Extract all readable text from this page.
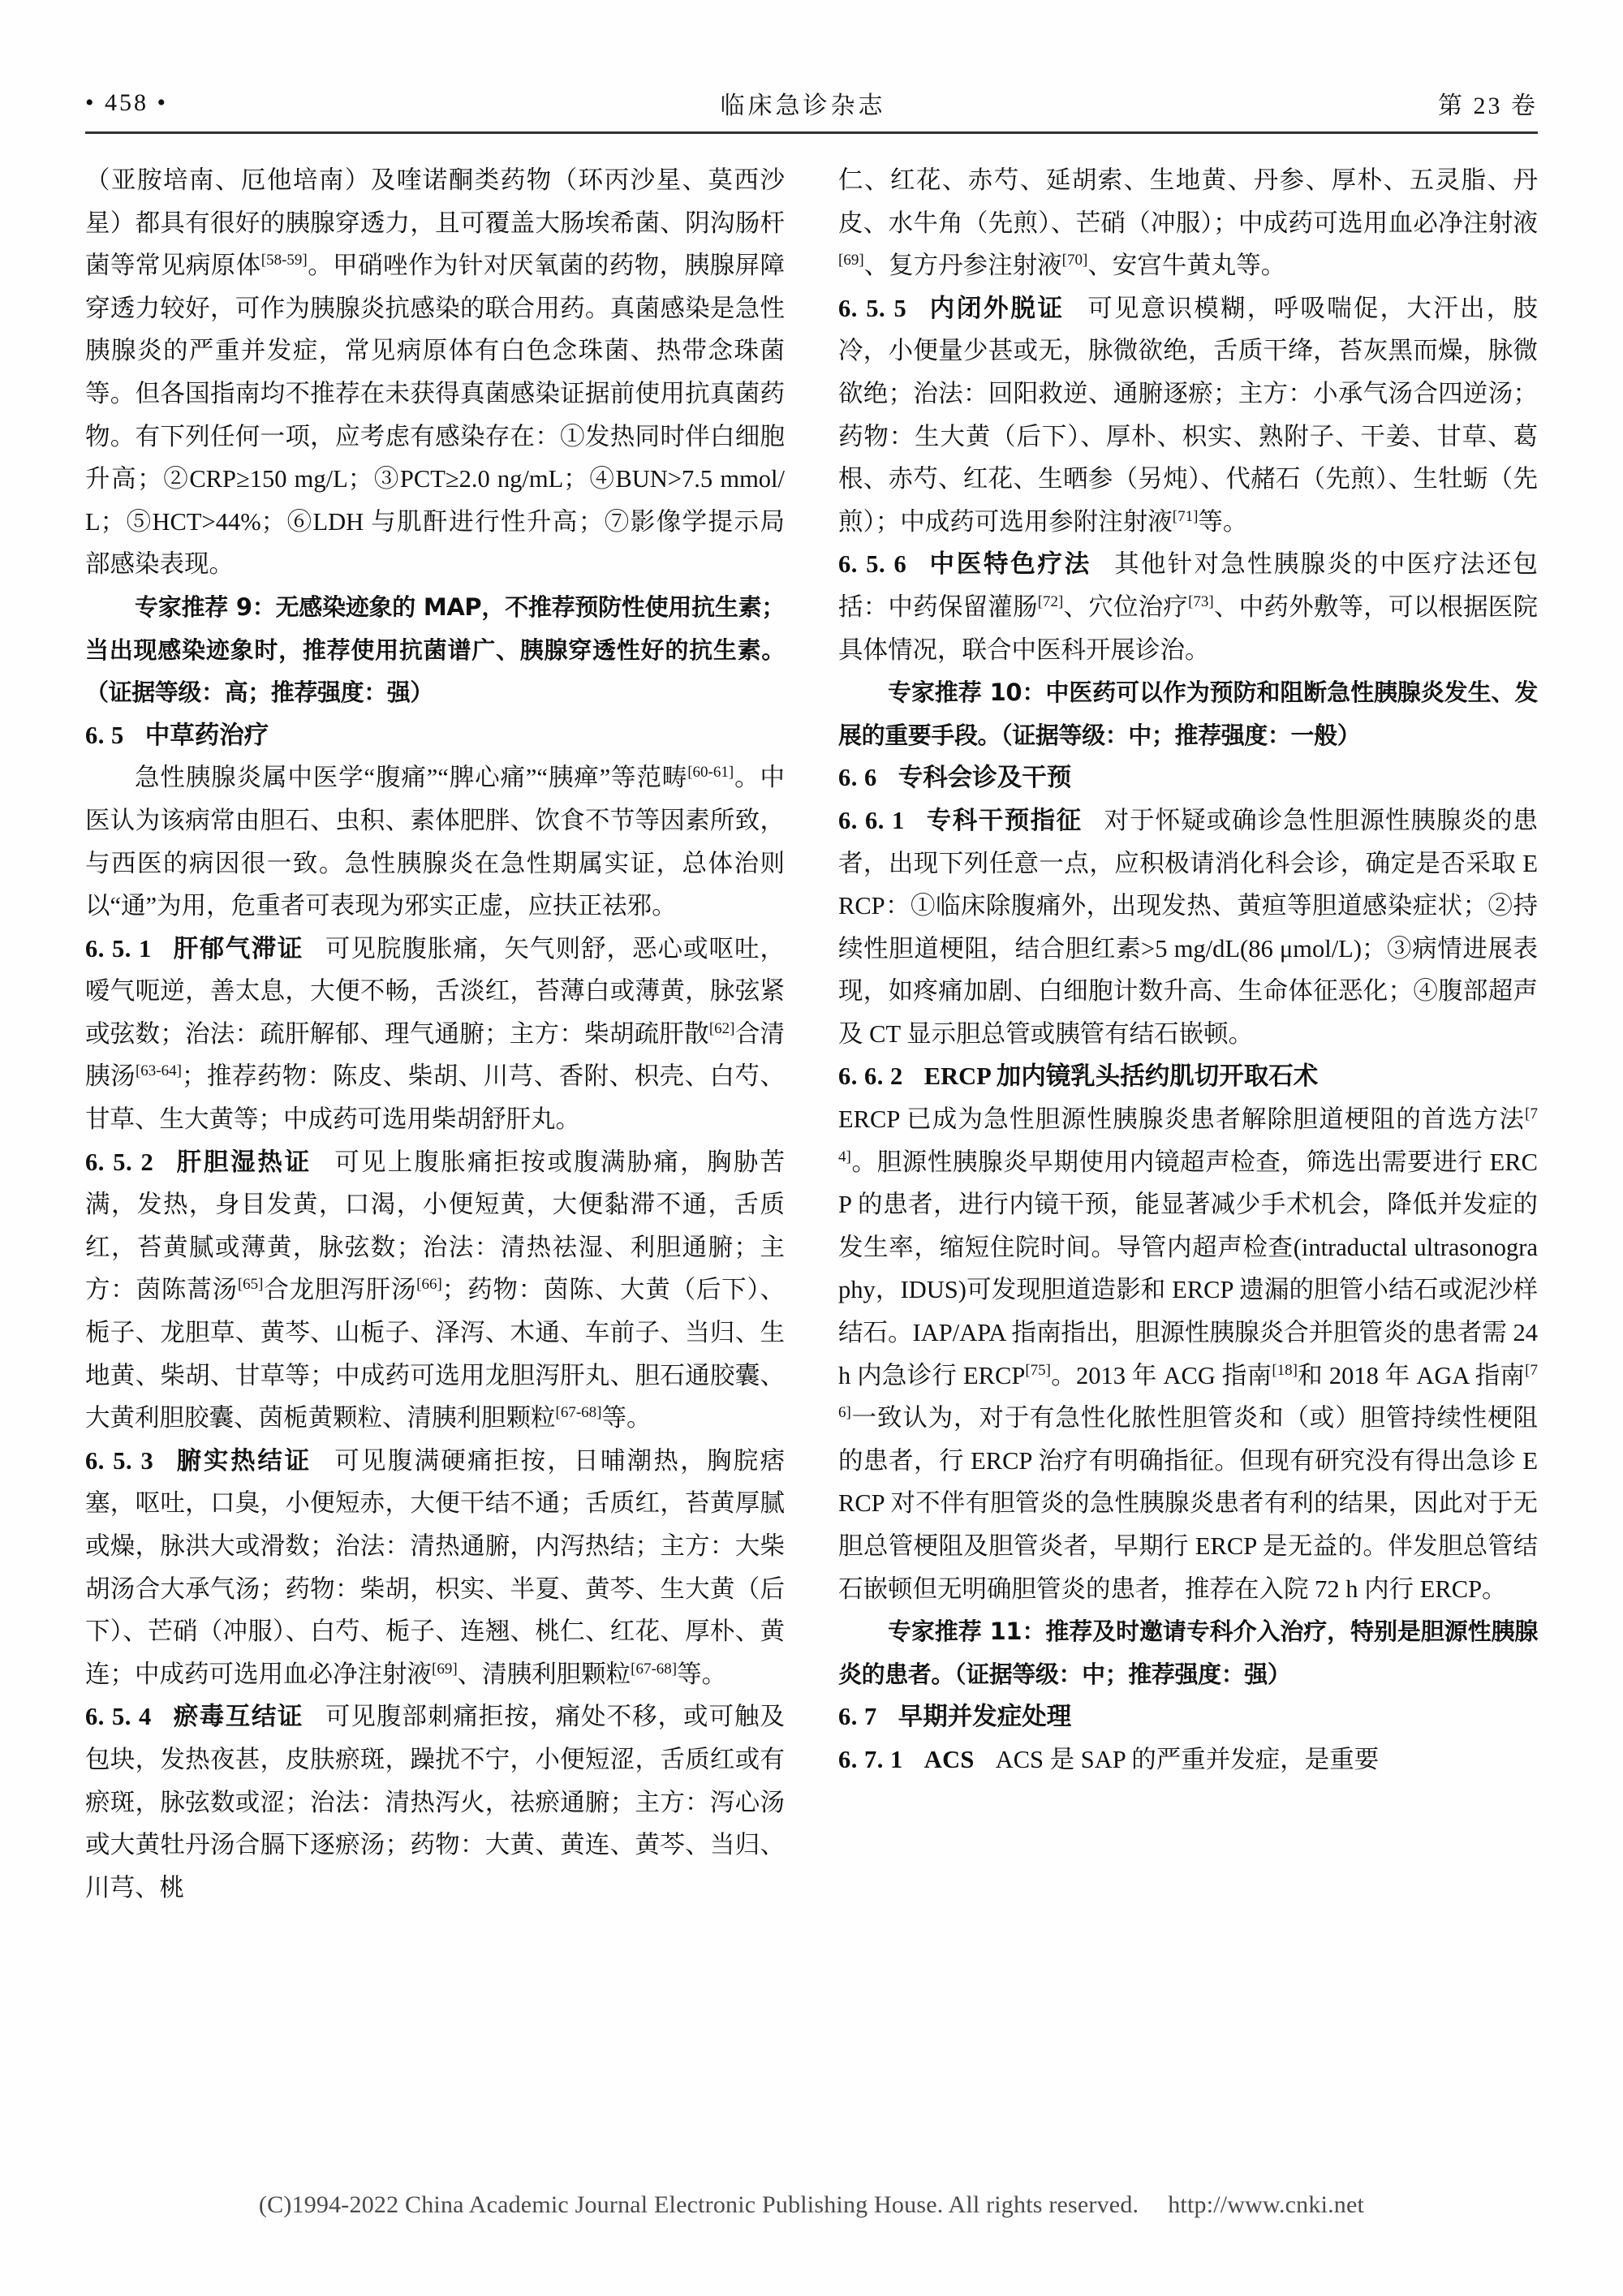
• 458 •	临床急诊杂志	第 23 卷

（亚胺培南、厄他培南）及喹诺酮类药物（环丙沙星、莫西沙星）都具有很好的胰腺穿透力，且可覆盖大肠埃希菌、阴沟肠杆菌等常见病原体[58-59]。甲硝唑作为针对厌氧菌的药物，胰腺屏障穿透力较好，可作为胰腺炎抗感染的联合用药。真菌感染是急性胰腺炎的严重并发症，常见病原体有白色念珠菌、热带念珠菌等。但各国指南均不推荐在未获得真菌感染证据前使用抗真菌药物。有下列任何一项，应考虑有感染存在：①发热同时伴白细胞升高；②CRP≥150 mg/L；③PCT≥2.0 ng/mL；④BUN>7.5 mmol/L；⑤HCT>44%；⑥LDH 与肌酐进行性升高；⑦影像学提示局部感染表现。

专家推荐 9：无感染迹象的 MAP，不推荐预防性使用抗生素；当出现感染迹象时，推荐使用抗菌谱广、胰腺穿透性好的抗生素。（证据等级：高；推荐强度：强）

6. 5 中草药治疗

急性胰腺炎属中医学“腹痛”“脾心痛”“胰瘅”等范畴[60-61]。中医认为该病常由胆石、虫积、素体肥胖、饮食不节等因素所致，与西医的病因很一致。急性胰腺炎在急性期属实证，总体治则以“通”为用，危重者可表现为邪实正虚，应扶正祛邪。

6. 5. 1 肝郁气滞证 可见脘腹胀痛，矢气则舒，恶心或呕吐，嗳气呃逆，善太息，大便不畅，舌淡红，苔薄白或薄黄，脉弦紧或弦数；治法：疏肝解郁、理气通腑；主方：柴胡疏肝散[62]合清胰汤[63-64]；推荐药物：陈皮、柴胡、川芎、香附、枳壳、白芍、甘草、生大黄等；中成药可选用柴胡舒肝丸。

6. 5. 2 肝胆湿热证 可见上腹胀痛拒按或腹满胁痛，胸胁苦满，发热，身目发黄，口渴，小便短黄，大便黏滞不通，舌质红，苔黄腻或薄黄，脉弦数；治法：清热祛湿、利胆通腑；主方：茵陈蒿汤[65]合龙胆泻肝汤[66]；药物：茵陈、大黄（后下）、栀子、龙胆草、黄芩、山栀子、泽泻、木通、车前子、当归、生地黄、柴胡、甘草等；中成药可选用龙胆泻肝丸、胆石通胶囊、大黄利胆胶囊、茵栀黄颗粒、清胰利胆颗粒[67-68]等。

6. 5. 3 腑实热结证 可见腹满硬痛拒按，日晡潮热，胸脘痞塞，呕吐，口臭，小便短赤，大便干结不通；舌质红，苔黄厚腻或燥，脉洪大或滑数；治法：清热通腑，内泻热结；主方：大柴胡汤合大承气汤；药物：柴胡，枳实、半夏、黄芩、生大黄（后下）、芒硝（冲服）、白芍、栀子、连翘、桃仁、红花、厚朴、黄连；中成药可选用血必净注射液[69]、清胰利胆颗粒[67-68]等。

6. 5. 4 瘀毒互结证 可见腹部刺痛拒按，痛处不移，或可触及包块，发热夜甚，皮肤瘀斑，躁扰不宁，小便短涩，舌质红或有瘀斑，脉弦数或涩；治法：清热泻火，祛瘀通腑；主方：泻心汤或大黄牡丹汤合膈下逐瘀汤；药物：大黄、黄连、黄芩、当归、川芎、桃

仁、红花、赤芍、延胡索、生地黄、丹参、厚朴、五灵脂、丹皮、水牛角（先煎）、芒硝（冲服）；中成药可选用血必净注射液[69]、复方丹参注射液[70]、安宫牛黄丸等。

6. 5. 5 内闭外脱证 可见意识模糊，呼吸喘促，大汗出，肢冷，小便量少甚或无，脉微欲绝，舌质干绛，苔灰黑而燥，脉微欲绝；治法：回阳救逆、通腑逐瘀；主方：小承气汤合四逆汤；药物：生大黄（后下）、厚朴、枳实、熟附子、干姜、甘草、葛根、赤芍、红花、生晒参（另炖）、代赭石（先煎）、生牡蛎（先煎）；中成药可选用参附注射液[71]等。

6. 5. 6 中医特色疗法 其他针对急性胰腺炎的中医疗法还包括：中药保留灌肠[72]、穴位治疗[73]、中药外敷等，可以根据医院具体情况，联合中医科开展诊治。

专家推荐 10：中医药可以作为预防和阻断急性胰腺炎发生、发展的重要手段。（证据等级：中；推荐强度：一般）

6. 6 专科会诊及干预

6. 6. 1 专科干预指征 对于怀疑或确诊急性胆源性胰腺炎的患者，出现下列任意一点，应积极请消化科会诊，确定是否采取 ERCP：①临床除腹痛外，出现发热、黄疸等胆道感染症状；②持续性胆道梗阻，结合胆红素>5 mg/dL(86 μmol/L)；③病情进展表现，如疼痛加剧、白细胞计数升高、生命体征恶化；④腹部超声及 CT 显示胆总管或胰管有结石嵌顿。

6. 6. 2 ERCP 加内镜乳头括约肌切开取石术

ERCP 已成为急性胆源性胰腺炎患者解除胆道梗阻的首选方法[74]。胆源性胰腺炎早期使用内镜超声检查，筛选出需要进行 ERCP 的患者，进行内镜干预，能显著减少手术机会，降低并发症的发生率，缩短住院时间。导管内超声检查(intraductal ultrasonography，IDUS)可发现胆道造影和 ERCP 遗漏的胆管小结石或泥沙样结石。IAP/APA 指南指出，胆源性胰腺炎合并胆管炎的患者需 24 h 内急诊行 ERCP[75]。2013 年 ACG 指南[18]和 2018 年 AGA 指南[76]一致认为，对于有急性化脓性胆管炎和（或）胆管持续性梗阻的患者，行 ERCP 治疗有明确指征。但现有研究没有得出急诊 ERCP 对不伴有胆管炎的急性胰腺炎患者有利的结果，因此对于无胆总管梗阻及胆管炎者，早期行 ERCP 是无益的。伴发胆总管结石嵌顿但无明确胆管炎的患者，推荐在入院 72 h 内行 ERCP。

专家推荐 11：推荐及时邀请专科介入治疗，特别是胆源性胰腺炎的患者。（证据等级：中；推荐强度：强）

6. 7 早期并发症处理

6. 7. 1 ACS ACS 是 SAP 的严重并发症，是重要

(C)1994-2022 China Academic Journal Electronic Publishing House. All rights reserved. http://www.cnki.net
